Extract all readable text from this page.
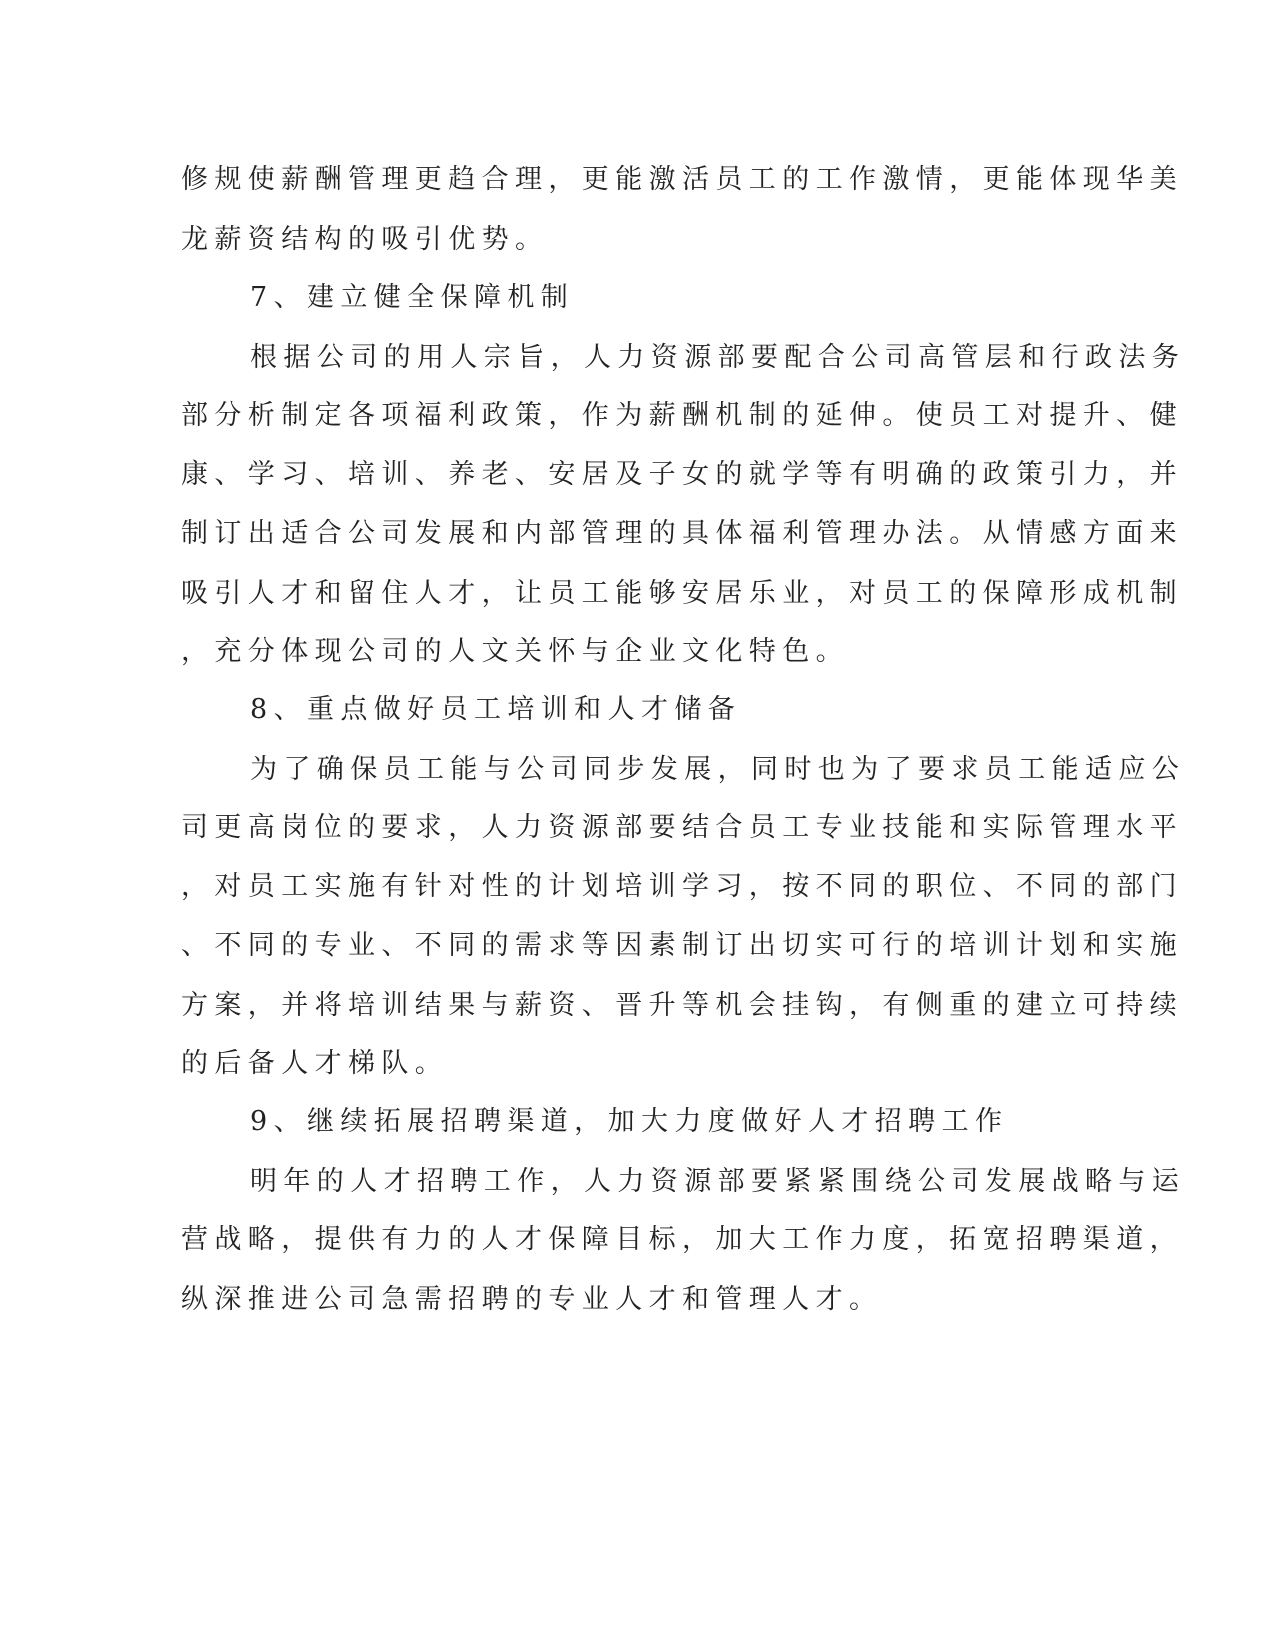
修规使薪酬管理更趋合理，更能激活员工的工作激情，更能体现华美

龙薪资结构的吸引优势。

7、建立健全保障机制

根据公司的用人宗旨，人力资源部要配合公司高管层和行政法务

部分析制定各项福利政策，作为薪酬机制的延伸。使员工对提升、健

康、学习、培训、养老、安居及子女的就学等有明确的政策引力，并

制订出适合公司发展和内部管理的具体福利管理办法。从情感方面来

吸引人才和留住人才，让员工能够安居乐业，对员工的保障形成机制

，充分体现公司的人文关怀与企业文化特色。

8、重点做好员工培训和人才储备

为了确保员工能与公司同步发展，同时也为了要求员工能适应公

司更高岗位的要求，人力资源部要结合员工专业技能和实际管理水平

，对员工实施有针对性的计划培训学习，按不同的职位、不同的部门

、不同的专业、不同的需求等因素制订出切实可行的培训计划和实施

方案，并将培训结果与薪资、晋升等机会挂钩，有侧重的建立可持续

的后备人才梯队。

9、继续拓展招聘渠道，加大力度做好人才招聘工作

明年的人才招聘工作，人力资源部要紧紧围绕公司发展战略与运

营战略，提供有力的人才保障目标，加大工作力度，拓宽招聘渠道，

纵深推进公司急需招聘的专业人才和管理人才。
